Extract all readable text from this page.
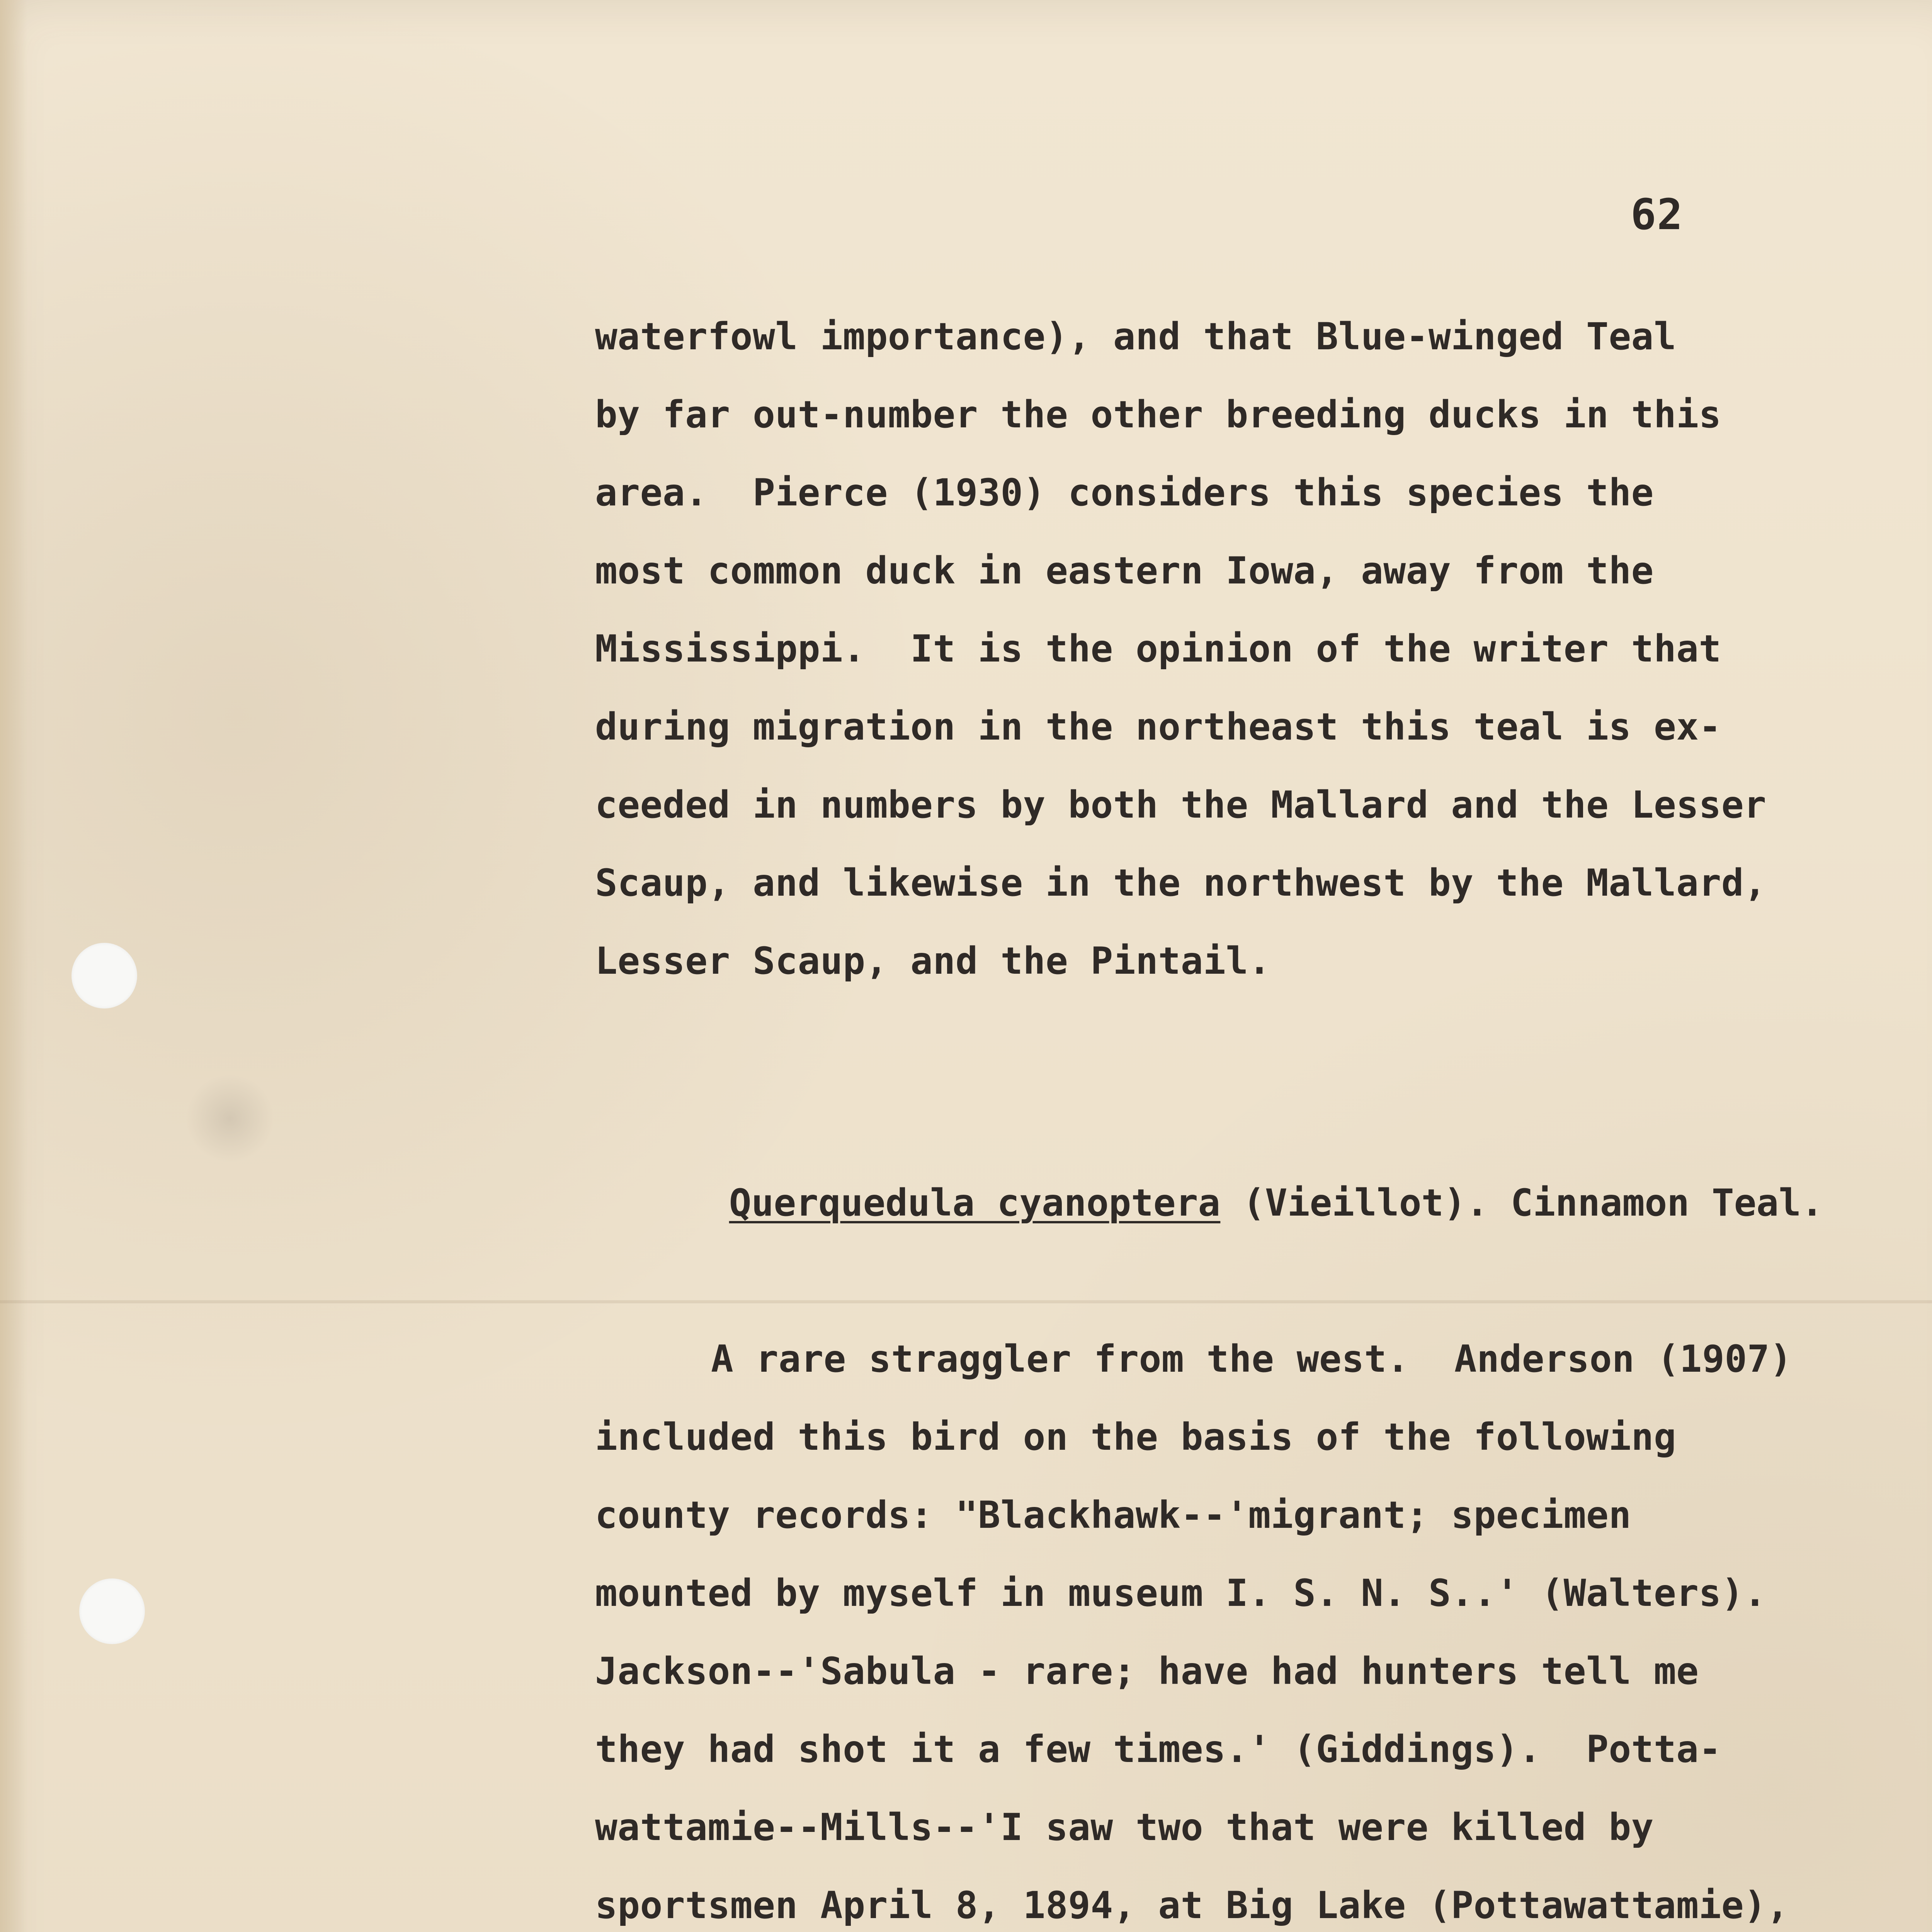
62
waterfowl importance), and that Blue-winged Teal
by far out-number the other breeding ducks in this
area.  Pierce (1930) considers this species the
most common duck in eastern Iowa, away from the
Mississippi.  It is the opinion of the writer that
during migration in the northeast this teal is ex-
ceeded in numbers by both the Mallard and the Lesser
Scaup, and likewise in the northwest by the Mallard,
Lesser Scaup, and the Pintail.

Querquedula cyanoptera (Vieillot). Cinnamon Teal.

A rare straggler from the west.  Anderson (1907)
included this bird on the basis of the following
county records: "Blackhawk--'migrant; specimen
mounted by myself in museum I. S. N. S..' (Walters).
Jackson--'Sabula - rare; have had hunters tell me
they had shot it a few times.' (Giddings).  Potta-
wattamie--Mills--'I saw two that were killed by
sportsmen April 8, 1894, at Big Lake (Pottawattamie),
